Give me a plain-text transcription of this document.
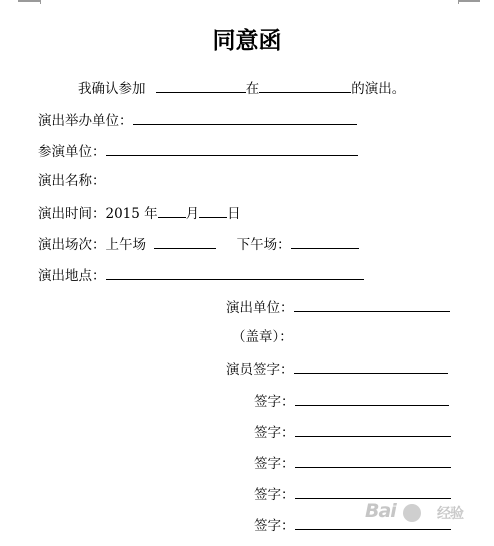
同意函
我确认参加	在	的演出。
演出举办单位：
参演单位：
演出名称：
演出时间：2015 年 月 日
演出场次：上午场	下午场：
演出地点：
演出单位：
（盖章）：
演员签字：
签字：
签字：
签字：
签字：
签字：
Bai	经验
